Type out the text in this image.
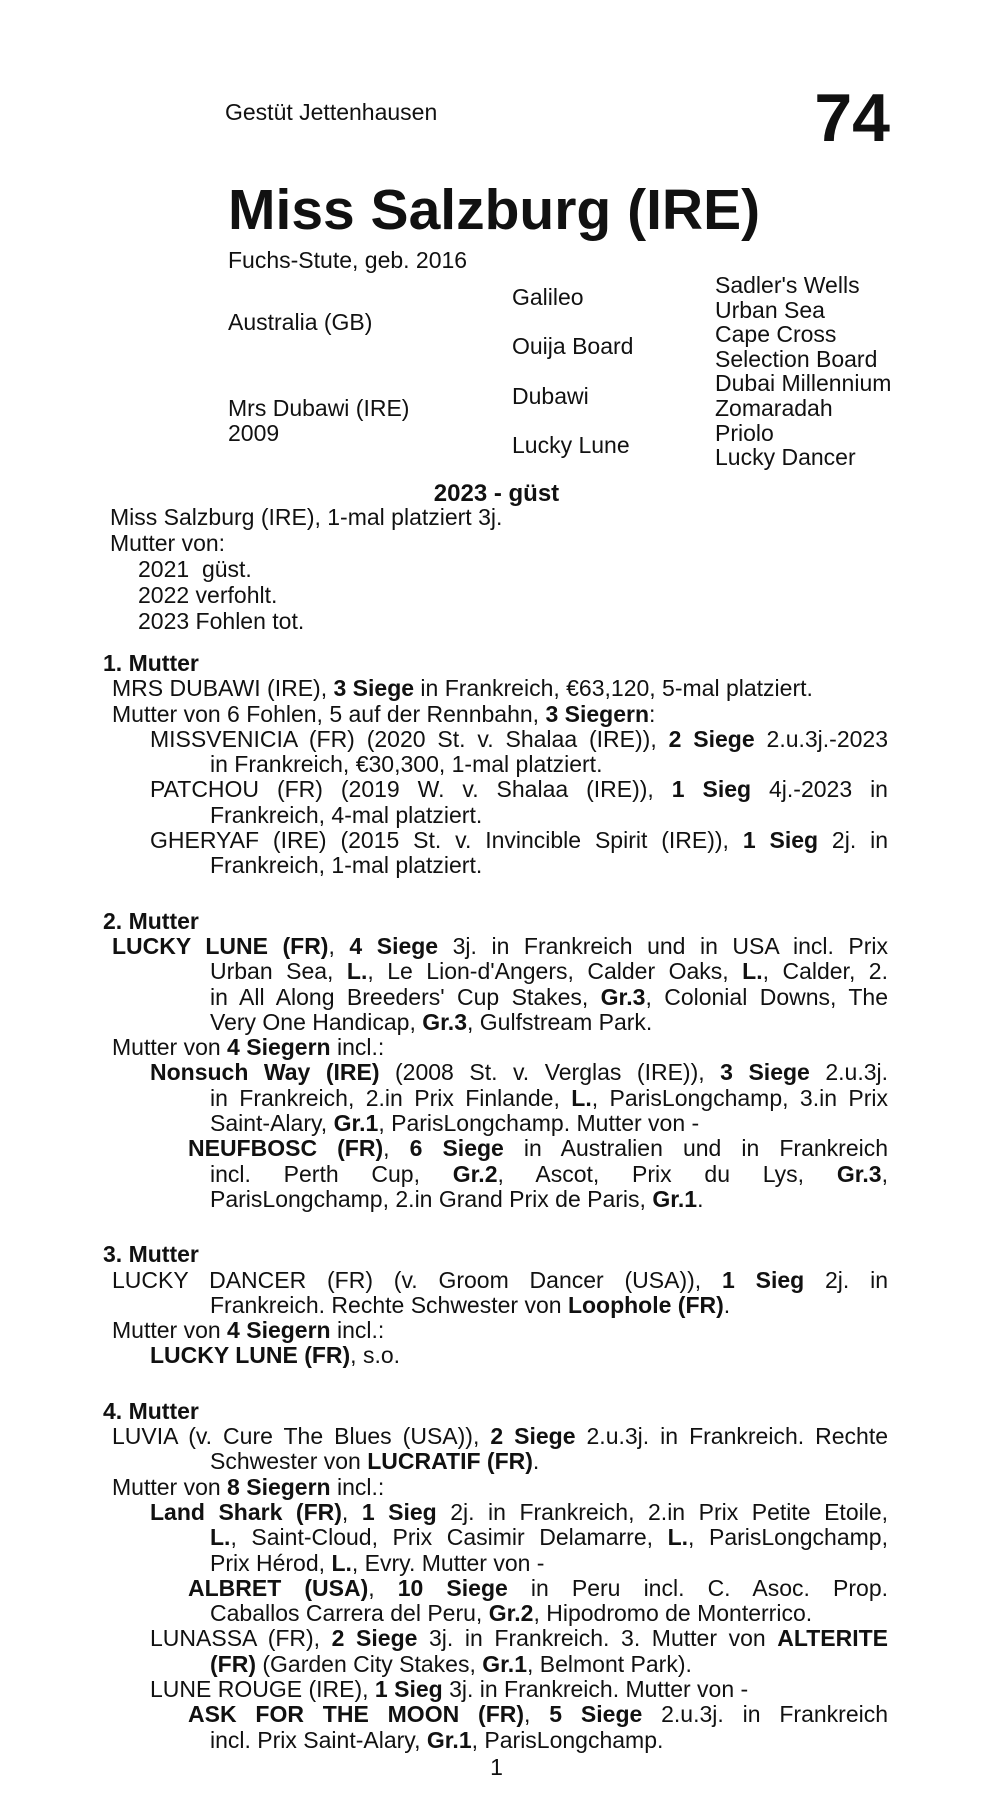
Gestüt Jettenhausen	74
Miss Salzburg (IRE)
Fuchs-Stute, geb. 2016
Australia (GB)
Mrs Dubawi (IRE)
2009
Galileo
Ouija Board
Dubawi
Lucky Lune
Sadler's Wells
Urban Sea
Cape Cross
Selection Board
Dubai Millennium
Zomaradah
Priolo
Lucky Dancer
2023 - güst
Miss Salzburg (IRE), 1-mal platziert 3j.
Mutter von:
2021  güst.
2022 verfohlt.
2023 Fohlen tot.
1. Mutter
MRS DUBAWI (IRE), 3 Siege in Frankreich, €63,120, 5-mal platziert.
Mutter von 6 Fohlen, 5 auf der Rennbahn, 3 Siegern:
MISSVENICIA (FR) (2020 St. v. Shalaa (IRE)), 2 Siege 2.u.3j.-2023
in Frankreich, €30,300, 1-mal platziert.
PATCHOU (FR) (2019 W. v. Shalaa (IRE)), 1 Sieg 4j.-2023 in
Frankreich, 4-mal platziert.
GHERYAF (IRE) (2015 St. v. Invincible Spirit (IRE)), 1 Sieg 2j. in
Frankreich, 1-mal platziert.
2. Mutter
LUCKY LUNE (FR), 4 Siege 3j. in Frankreich und in USA incl. Prix
Urban Sea, L., Le Lion-d'Angers, Calder Oaks, L., Calder, 2.
in All Along Breeders' Cup Stakes, Gr.3, Colonial Downs, The
Very One Handicap, Gr.3, Gulfstream Park.
Mutter von 4 Siegern incl.:
Nonsuch Way (IRE) (2008 St. v. Verglas (IRE)), 3 Siege 2.u.3j.
in Frankreich, 2.in Prix Finlande, L., ParisLongchamp, 3.in Prix
Saint-Alary, Gr.1, ParisLongchamp. Mutter von -
NEUFBOSC (FR), 6 Siege in Australien und in Frankreich
incl. Perth Cup, Gr.2, Ascot, Prix du Lys, Gr.3,
ParisLongchamp, 2.in Grand Prix de Paris, Gr.1.
3. Mutter
LUCKY DANCER (FR) (v. Groom Dancer (USA)), 1 Sieg 2j. in
Frankreich. Rechte Schwester von Loophole (FR).
Mutter von 4 Siegern incl.:
LUCKY LUNE (FR), s.o.
4. Mutter
LUVIA (v. Cure The Blues (USA)), 2 Siege 2.u.3j. in Frankreich. Rechte
Schwester von LUCRATIF (FR).
Mutter von 8 Siegern incl.:
Land Shark (FR), 1 Sieg 2j. in Frankreich, 2.in Prix Petite Etoile,
L., Saint-Cloud, Prix Casimir Delamarre, L., ParisLongchamp,
Prix Hérod, L., Evry. Mutter von -
ALBRET (USA), 10 Siege in Peru incl. C. Asoc. Prop.
Caballos Carrera del Peru, Gr.2, Hipodromo de Monterrico.
LUNASSA (FR), 2 Siege 3j. in Frankreich. 3. Mutter von ALTERITE
(FR) (Garden City Stakes, Gr.1, Belmont Park).
LUNE ROUGE (IRE), 1 Sieg 3j. in Frankreich. Mutter von -
ASK FOR THE MOON (FR), 5 Siege 2.u.3j. in Frankreich
incl. Prix Saint-Alary, Gr.1, ParisLongchamp.
1
